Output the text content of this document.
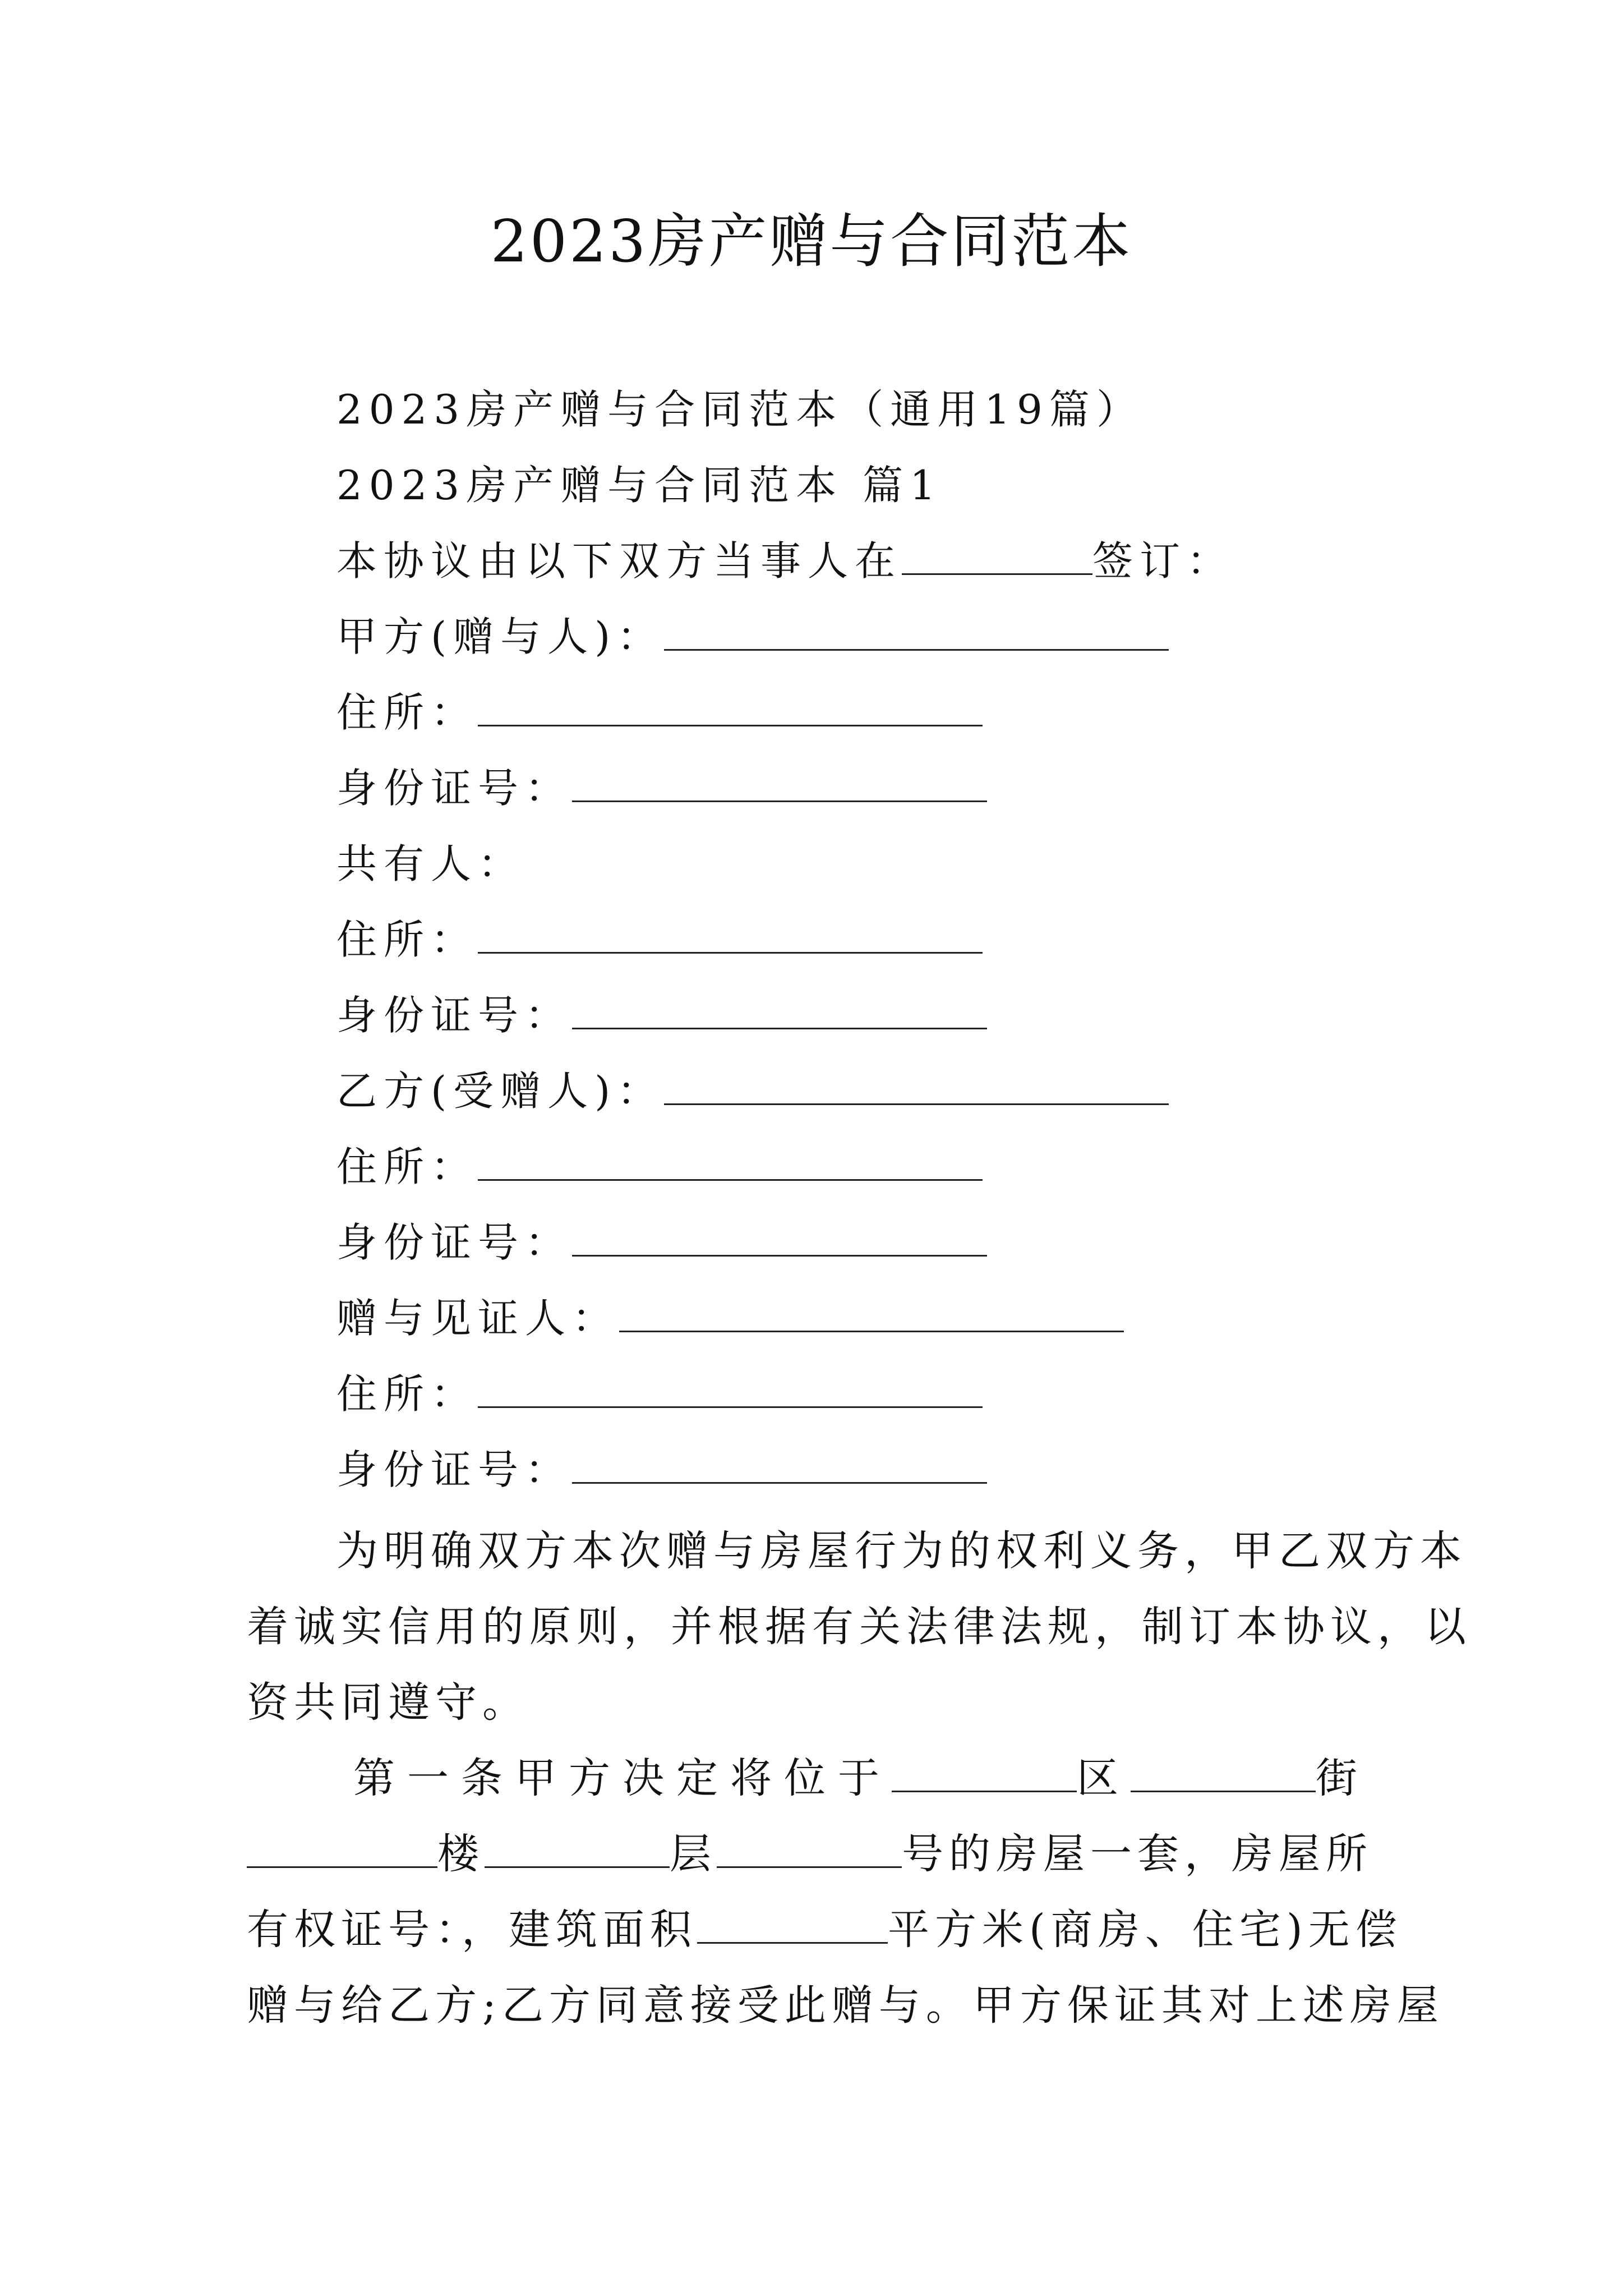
2023房产赠与合同范本
2023房产赠与合同范本（通用19篇）
2023房产赠与合同范本 篇1
本协议由以下双方当事人在	签订：
甲方(赠与人)：
住所：
身份证号：
共有人：
住所：
身份证号：
乙方(受赠人)：
住所：
身份证号：
赠与见证人：
住所：
身份证号：
为明确双方本次赠与房屋行为的权利义务，甲乙双方本
着诚实信用的原则，并根据有关法律法规，制订本协议，以
资共同遵守。
第一条甲方决定将位于	区	街
楼	层	号的房屋一套，房屋所
有权证号：，建筑面积	平方米(商房、住宅)无偿
赠与给乙方;乙方同意接受此赠与。甲方保证其对上述房屋
